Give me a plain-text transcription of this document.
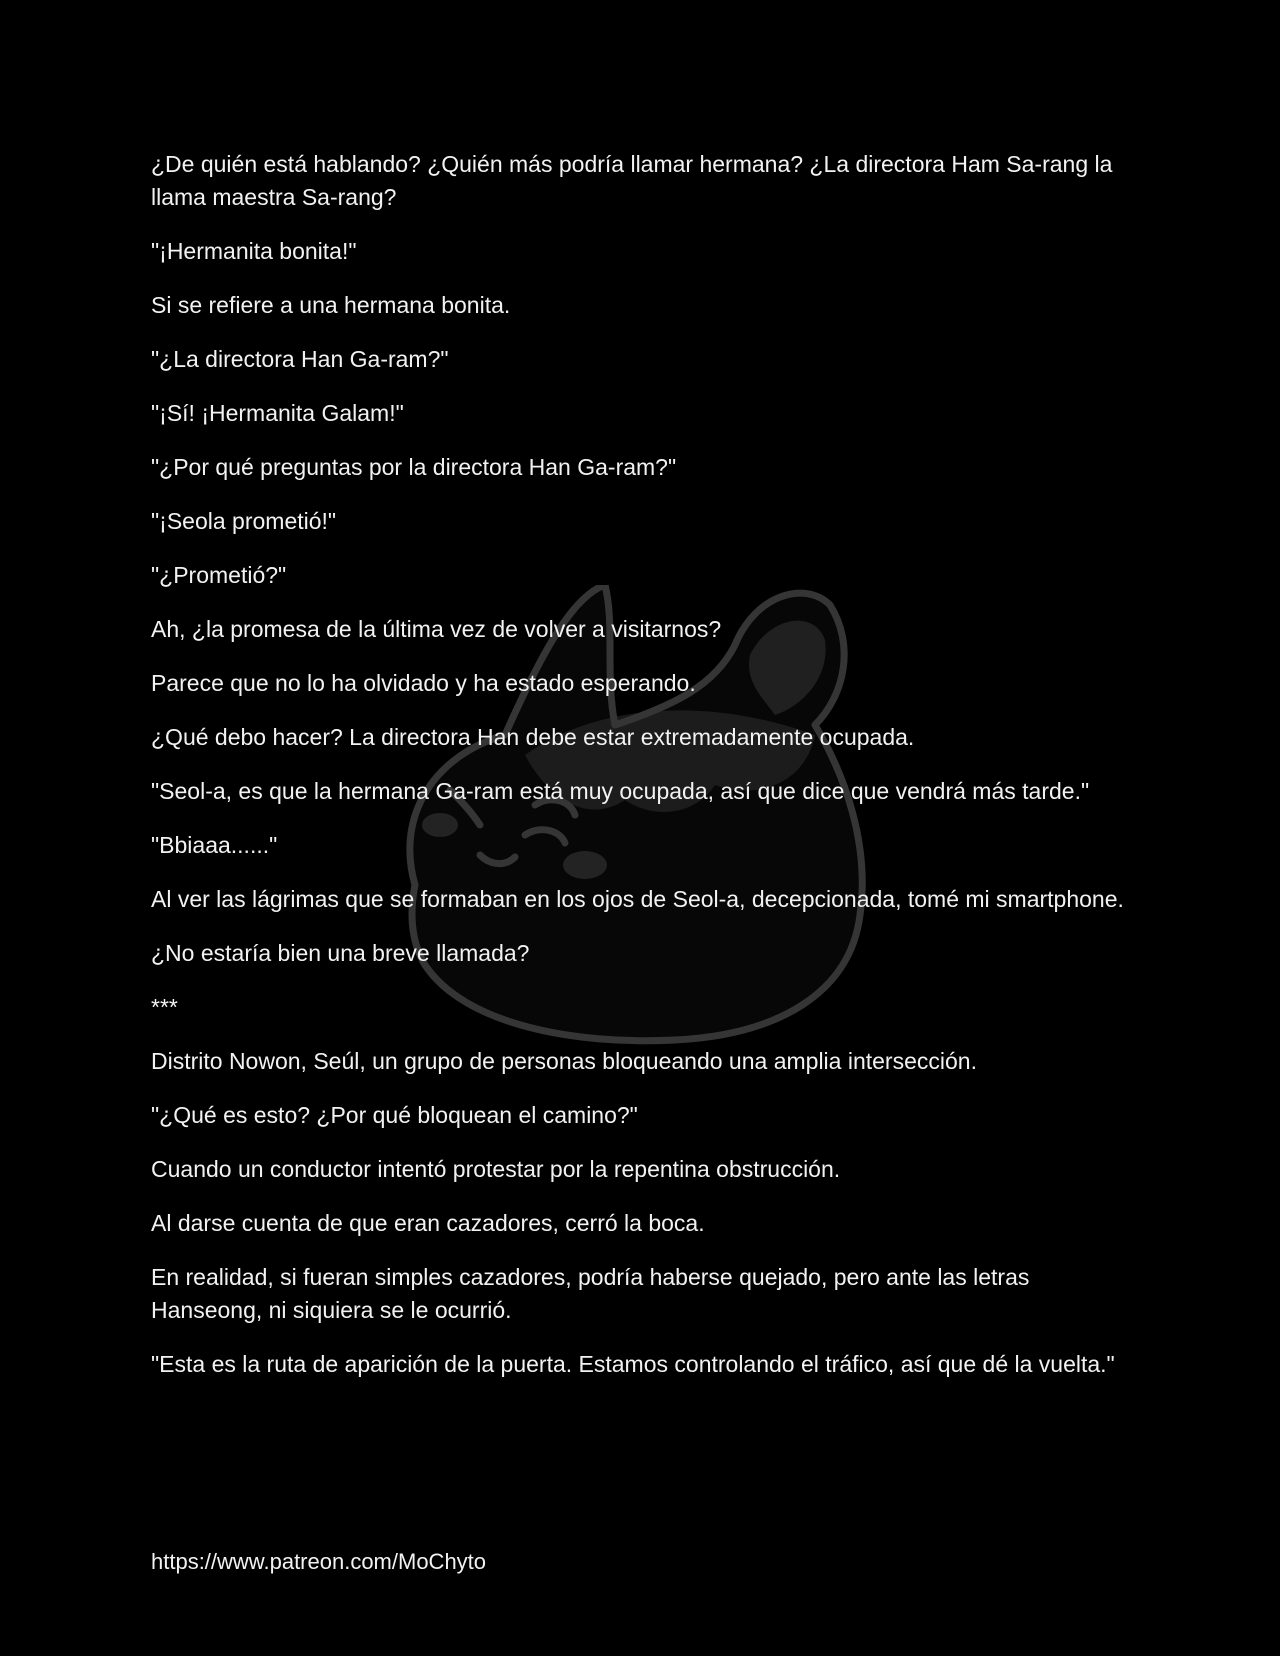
¿De quién está hablando? ¿Quién más podría llamar hermana? ¿La directora Ham Sa-rang la llama maestra Sa-rang?

"¡Hermanita bonita!"

Si se refiere a una hermana bonita.

"¿La directora Han Ga-ram?"

"¡Sí! ¡Hermanita Galam!"

"¿Por qué preguntas por la directora Han Ga-ram?"

"¡Seola prometió!"

"¿Prometió?"

Ah, ¿la promesa de la última vez de volver a visitarnos?

Parece que no lo ha olvidado y ha estado esperando.

¿Qué debo hacer? La directora Han debe estar extremadamente ocupada.

"Seol-a, es que la hermana Ga-ram está muy ocupada, así que dice que vendrá más tarde."

"Bbiaaa......"

Al ver las lágrimas que se formaban en los ojos de Seol-a, decepcionada, tomé mi smartphone.

¿No estaría bien una breve llamada?

***

Distrito Nowon, Seúl, un grupo de personas bloqueando una amplia intersección.

"¿Qué es esto? ¿Por qué bloquean el camino?"

Cuando un conductor intentó protestar por la repentina obstrucción.

Al darse cuenta de que eran cazadores, cerró la boca.

En realidad, si fueran simples cazadores, podría haberse quejado, pero ante las letras Hanseong, ni siquiera se le ocurrió.

"Esta es la ruta de aparición de la puerta. Estamos controlando el tráfico, así que dé la vuelta."

https://www.patreon.com/MoChyto
